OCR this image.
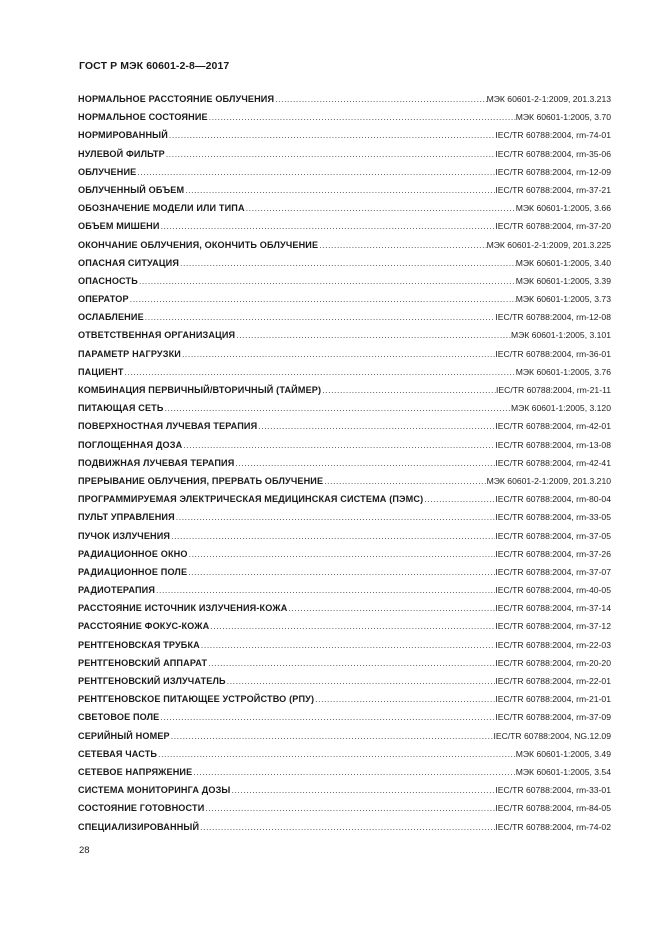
ГОСТ Р МЭК 60601-2-8—2017
НОРМАЛЬНОЕ РАССТОЯНИЕ ОБЛУЧЕНИЯ .....	МЭК 60601-2-1:2009, 201.3.213
НОРМАЛЬНОЕ СОСТОЯНИЕ .....	МЭК 60601-1:2005, 3.70
НОРМИРОВАННЫЙ .....	IEC/TR 60788:2004, rm-74-01
НУЛЕВОЙ ФИЛЬТР .....	IEC/TR 60788:2004, rm-35-06
ОБЛУЧЕНИЕ .....	IEC/TR 60788:2004, rm-12-09
ОБЛУЧЕННЫЙ ОБЪЕМ .....	IEC/TR 60788:2004, rm-37-21
ОБОЗНАЧЕНИЕ МОДЕЛИ ИЛИ ТИПА .....	МЭК 60601-1:2005, 3.66
ОБЪЕМ МИШЕНИ .....	IEC/TR 60788:2004, rm-37-20
ОКОНЧАНИЕ ОБЛУЧЕНИЯ, ОКОНЧИТЬ ОБЛУЧЕНИЕ .....	МЭК 60601-2-1:2009, 201.3.225
ОПАСНАЯ СИТУАЦИЯ .....	МЭК 60601-1:2005, 3.40
ОПАСНОСТЬ .....	МЭК 60601-1:2005, 3.39
ОПЕРАТОР .....	МЭК 60601-1:2005, 3.73
ОСЛАБЛЕНИЕ .....	IEC/TR 60788:2004, rm-12-08
ОТВЕТСТВЕННАЯ ОРГАНИЗАЦИЯ .....	МЭК 60601-1:2005, 3.101
ПАРАМЕТР НАГРУЗКИ .....	IEC/TR 60788:2004, rm-36-01
ПАЦИЕНТ .....	МЭК 60601-1:2005, 3.76
КОМБИНАЦИЯ ПЕРВИЧНЫЙ/ВТОРИЧНЫЙ (ТАЙМЕР) .....	IEC/TR 60788:2004, rm-21-11
ПИТАЮЩАЯ СЕТЬ .....	МЭК 60601-1:2005, 3.120
ПОВЕРХНОСТНАЯ ЛУЧЕВАЯ ТЕРАПИЯ .....	IEC/TR 60788:2004, rm-42-01
ПОГЛОЩЕННАЯ ДОЗА .....	IEC/TR 60788:2004, rm-13-08
ПОДВИЖНАЯ ЛУЧЕВАЯ ТЕРАПИЯ .....	IEC/TR 60788:2004, rm-42-41
ПРЕРЫВАНИЕ ОБЛУЧЕНИЯ, ПРЕРВАТЬ ОБЛУЧЕНИЕ .....	МЭК 60601-2-1:2009, 201.3.210
ПРОГРАММИРУЕМАЯ ЭЛЕКТРИЧЕСКАЯ МЕДИЦИНСКАЯ СИСТЕМА (ПЭМС) .....	IEC/TR 60788:2004, rm-80-04
ПУЛЬТ УПРАВЛЕНИЯ .....	IEC/TR 60788:2004, rm-33-05
ПУЧОК ИЗЛУЧЕНИЯ .....	IEC/TR 60788:2004, rm-37-05
РАДИАЦИОННОЕ ОКНО .....	IEC/TR 60788:2004, rm-37-26
РАДИАЦИОННОЕ ПОЛЕ .....	IEC/TR 60788:2004, rm-37-07
РАДИОТЕРАПИЯ .....	IEC/TR 60788:2004, rm-40-05
РАССТОЯНИЕ ИСТОЧНИК ИЗЛУЧЕНИЯ-КОЖА .....	IEC/TR 60788:2004, rm-37-14
РАССТОЯНИЕ ФОКУС-КОЖА .....	IEC/TR 60788:2004, rm-37-12
РЕНТГЕНОВСКАЯ ТРУБКА .....	IEC/TR 60788:2004, rm-22-03
РЕНТГЕНОВСКИЙ АППАРАТ .....	IEC/TR 60788:2004, rm-20-20
РЕНТГЕНОВСКИЙ ИЗЛУЧАТЕЛЬ .....	IEC/TR 60788:2004, rm-22-01
РЕНТГЕНОВСКОЕ ПИТАЮЩЕЕ УСТРОЙСТВО (РПУ) .....	IEC/TR 60788:2004, rm-21-01
СВЕТОВОЕ ПОЛЕ .....	IEC/TR 60788:2004, rm-37-09
СЕРИЙНЫЙ НОМЕР .....	IEC/TR 60788:2004, NG.12.09
СЕТЕВАЯ ЧАСТЬ .....	МЭК 60601-1:2005, 3.49
СЕТЕВОЕ НАПРЯЖЕНИЕ .....	МЭК 60601-1:2005, 3.54
СИСТЕМА МОНИТОРИНГА ДОЗЫ .....	IEC/TR 60788:2004, rm-33-01
СОСТОЯНИЕ ГОТОВНОСТИ .....	IEC/TR 60788:2004, rm-84-05
СПЕЦИАЛИЗИРОВАННЫЙ .....	IEC/TR 60788:2004, rm-74-02
28
